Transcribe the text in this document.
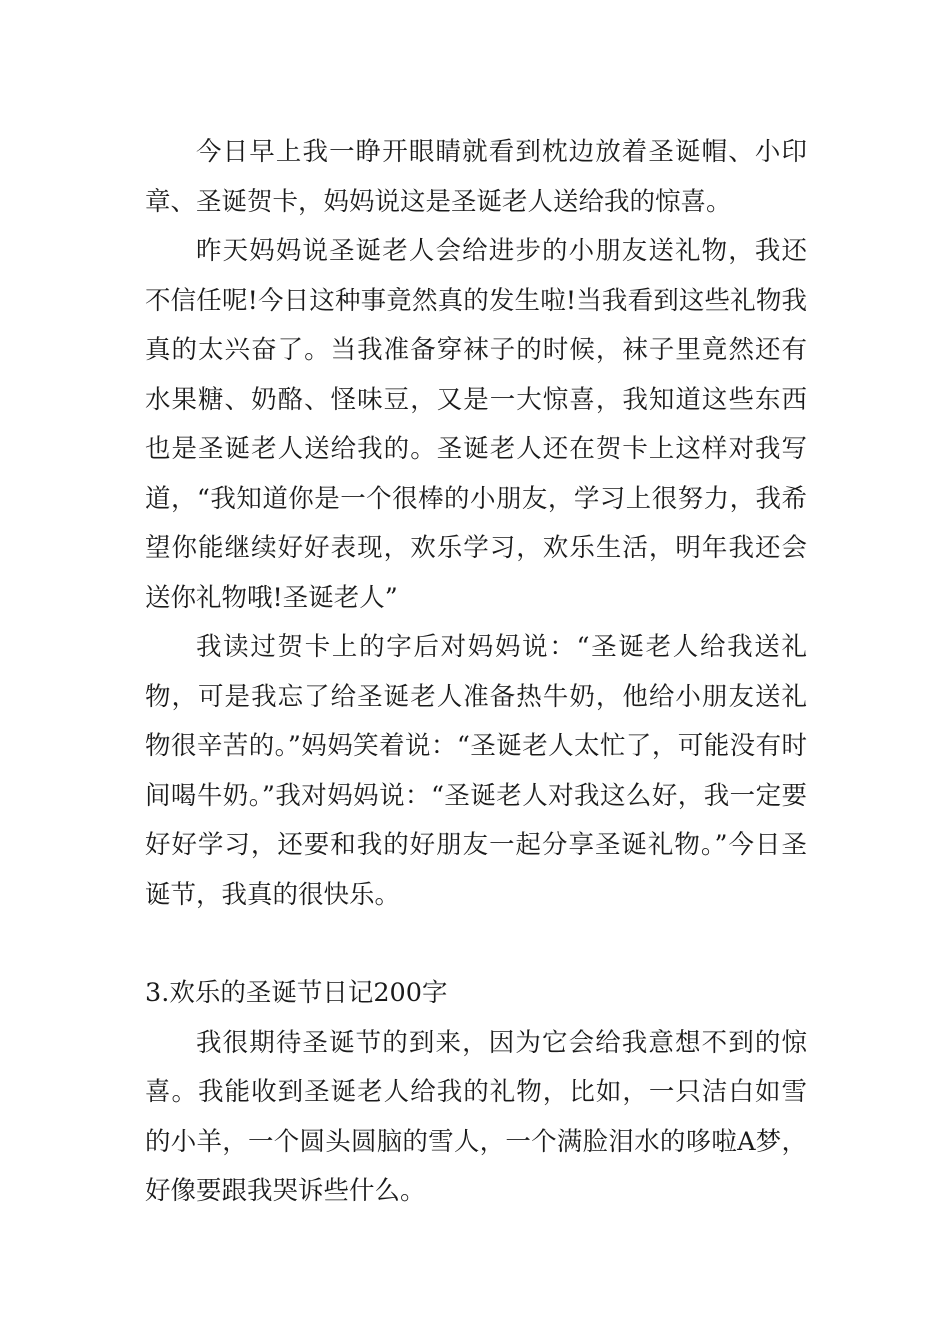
今日早上我一睁开眼睛就看到枕边放着圣诞帽、小印章、圣诞贺卡，妈妈说这是圣诞老人送给我的惊喜。

昨天妈妈说圣诞老人会给进步的小朋友送礼物，我还不信任呢!今日这种事竟然真的发生啦!当我看到这些礼物我真的太兴奋了。当我准备穿袜子的时候，袜子里竟然还有水果糖、奶酪、怪味豆，又是一大惊喜，我知道这些东西也是圣诞老人送给我的。圣诞老人还在贺卡上这样对我写道，“我知道你是一个很棒的小朋友，学习上很努力，我希望你能继续好好表现，欢乐学习，欢乐生活，明年我还会送你礼物哦!圣诞老人”

我读过贺卡上的字后对妈妈说：“圣诞老人给我送礼物，可是我忘了给圣诞老人准备热牛奶，他给小朋友送礼物很辛苦的。”妈妈笑着说：“圣诞老人太忙了，可能没有时间喝牛奶。”我对妈妈说：“圣诞老人对我这么好，我一定要好好学习，还要和我的好朋友一起分享圣诞礼物。”今日圣诞节，我真的很快乐。

3.欢乐的圣诞节日记200字

我很期待圣诞节的到来，因为它会给我意想不到的惊喜。我能收到圣诞老人给我的礼物，比如，一只洁白如雪的小羊，一个圆头圆脑的雪人，一个满脸泪水的哆啦A梦，好像要跟我哭诉些什么。
